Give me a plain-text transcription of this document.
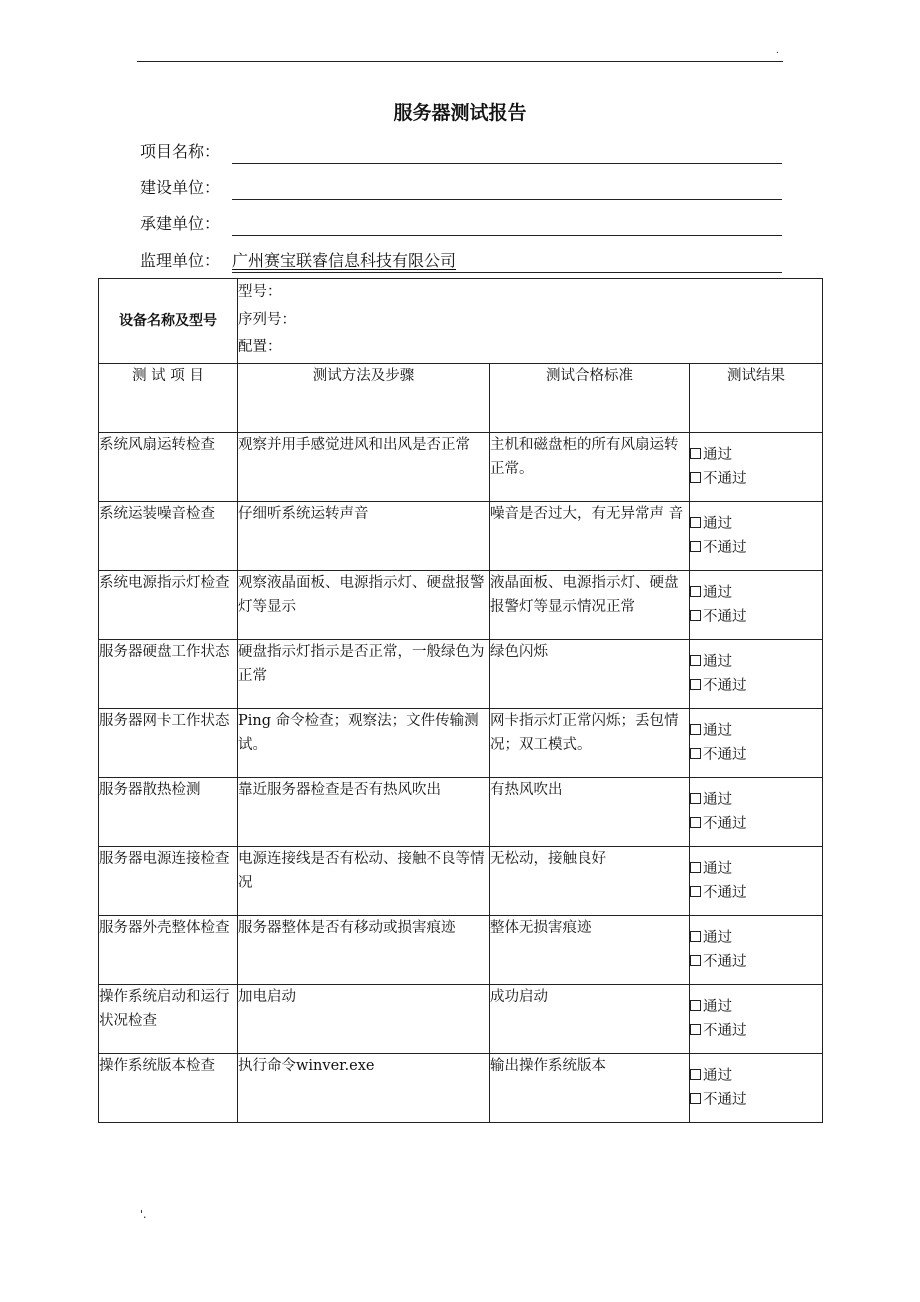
.
服务器测试报告
项目名称：
建设单位：
承建单位：
监理单位： 广州赛宝联睿信息科技有限公司
设备名称及型号	型号：
序列号：
配置：		

测 试 项 目	测试方法及步骤	测试合格标准	测试结果
系统风扇运转检查	观察并用手感觉进风和出风是否正常	主机和磁盘柜的所有风扇运转正常。	通过
不通过

系统运装噪音检查	仔细听系统运转声音	噪音是否过大，有无异常声 音	通过
不通过

系统电源指示灯检查	观察液晶面板、电源指示灯、硬盘报警灯等显示	液晶面板、电源指示灯、硬盘报警灯等显示情况正常	通过
不通过

服务器硬盘工作状态	硬盘指示灯指示是否正常，一般绿色为正常	绿色闪烁	通过
不通过

服务器网卡工作状态	Ping 命令检查；观察法；文件传输测试。	网卡指示灯正常闪烁；丢包情况；双工模式。	通过
不通过

服务器散热检测	靠近服务器检查是否有热风吹出	有热风吹出	通过
不通过

服务器电源连接检查	电源连接线是否有松动、接触不良等情况	无松动，接触良好	通过
不通过

服务器外壳整体检查	服务器整体是否有移动或损害痕迹	整体无损害痕迹	通过
不通过

操作系统启动和运行状况检查	加电启动	成功启动	通过
不通过

操作系统版本检查	执行命令winver.exe	输出操作系统版本	通过
不通过
'.
